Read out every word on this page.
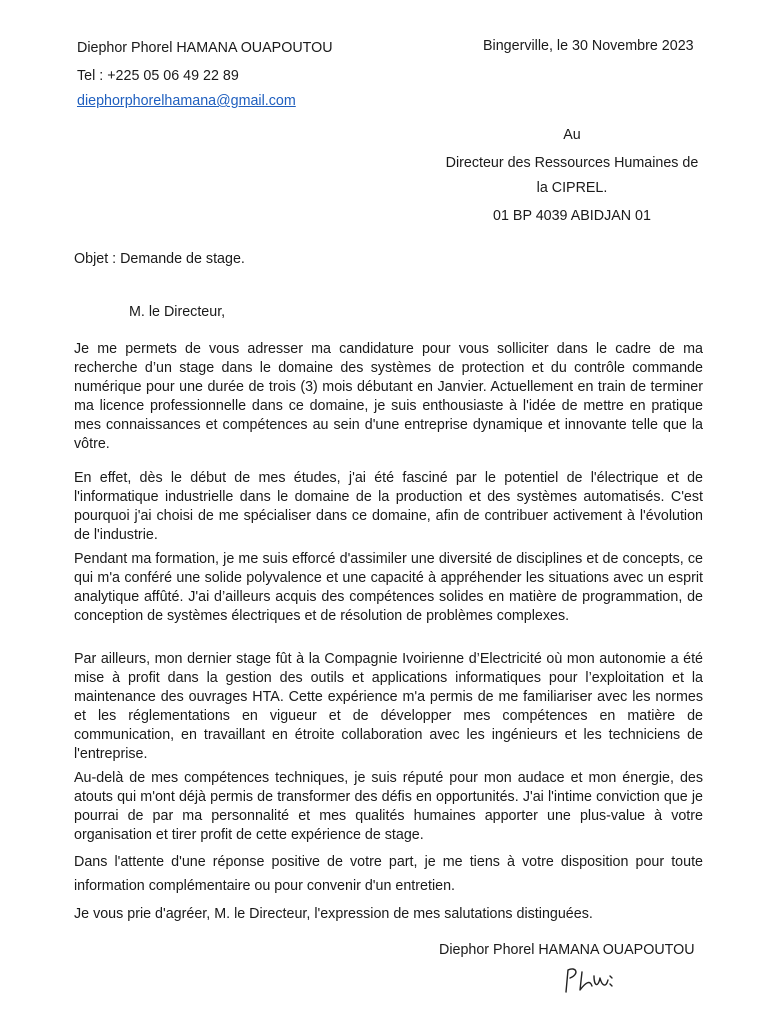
Diephor Phorel HAMANA OUAPOUTOU	Bingerville, le 30 Novembre 2023
Tel : +225 05 06 49 22 89
diephorphorelhamana@gmail.com
Au
Directeur des Ressources Humaines de
la CIPREL.
01 BP 4039 ABIDJAN 01
Objet : Demande de stage.
M. le Directeur,

Je me permets de vous adresser ma candidature pour vous solliciter dans le cadre de ma recherche d’un stage dans le domaine des systèmes de protection et du contrôle commande numérique pour une durée de trois (3) mois débutant en Janvier. Actuellement en train de terminer ma licence professionnelle dans ce domaine, je suis enthousiaste à l'idée de mettre en pratique mes connaissances et compétences au sein d'une entreprise dynamique et innovante telle que la vôtre.

En effet, dès le début de mes études, j'ai été fasciné par le potentiel de l'électrique et de l'informatique industrielle dans le domaine de la production et des systèmes automatisés. C'est pourquoi j'ai choisi de me spécialiser dans ce domaine, afin de contribuer activement à l'évolution de l'industrie.

Pendant ma formation, je me suis efforcé d'assimiler une diversité de disciplines et de concepts, ce qui m'a conféré une solide polyvalence et une capacité à appréhender les situations avec un esprit analytique affûté. J'ai d’ailleurs acquis des compétences solides en matière de programmation, de conception de systèmes électriques et de résolution de problèmes complexes.

Par ailleurs, mon dernier stage fût à la Compagnie Ivoirienne d’Electricité où mon autonomie a été mise à profit dans la gestion des outils et applications informatiques pour l’exploitation et la maintenance des ouvrages HTA. Cette expérience m'a permis de me familiariser avec les normes et les réglementations en vigueur et de développer mes compétences en matière de communication, en travaillant en étroite collaboration avec les ingénieurs et les techniciens de l'entreprise.

Au-delà de mes compétences techniques, je suis réputé pour mon audace et mon énergie, des atouts qui m'ont déjà permis de transformer des défis en opportunités. J'ai l'intime conviction que je pourrai de par ma personnalité et mes qualités humaines apporter une plus-value à votre organisation et tirer profit de cette expérience de stage.

Dans l'attente d'une réponse positive de votre part, je me tiens à votre disposition pour toute information complémentaire ou pour convenir d'un entretien.

Je vous prie d'agréer, M. le Directeur, l'expression de mes salutations distinguées.
Diephor Phorel HAMANA OUAPOUTOU
